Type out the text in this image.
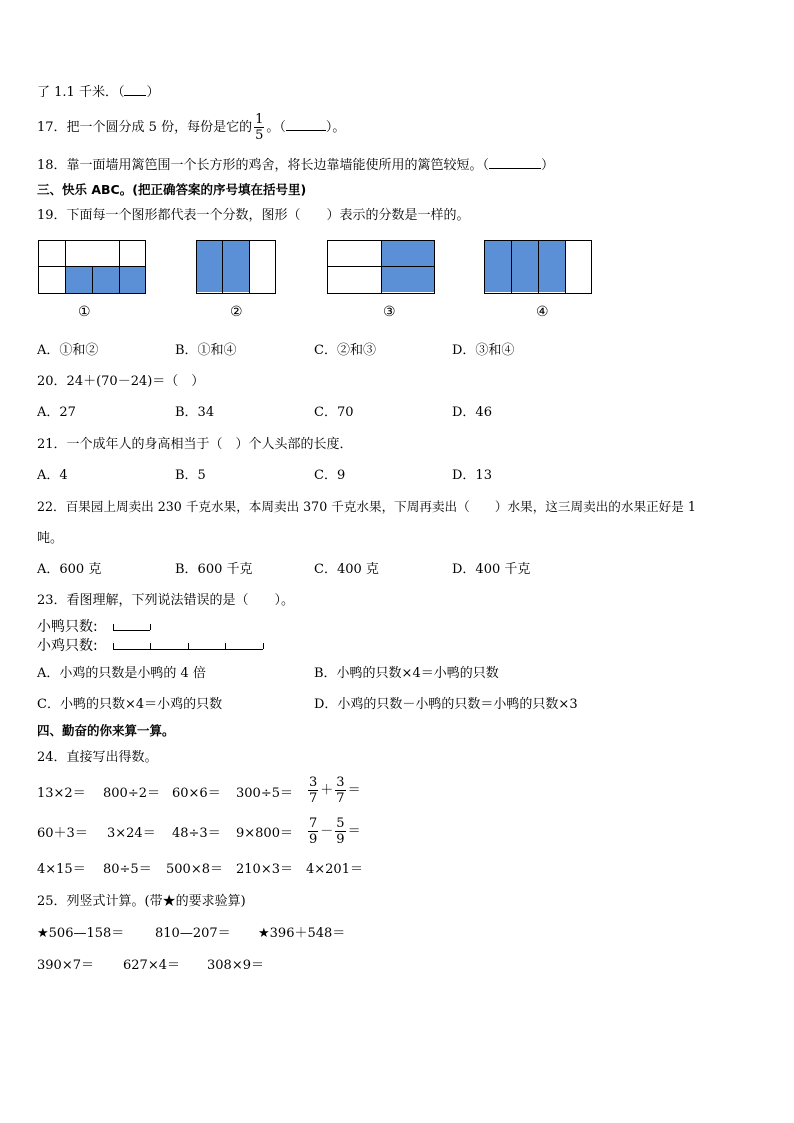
了 1.1 千米．（ ）
17．把一个圆分成 5 份，每份是它的 $\frac{1}{5}$ 。（	）。
18．靠一面墙用篱笆围一个长方形的鸡舍，将长边靠墙能使所用的篱笆较短。（	）
三、快乐 ABC。(把正确答案的序号填在括号里)
19．下面每一个图形都代表一个分数，图形（　　）表示的分数是一样的。
①	②	③	④
A．①和②	B．①和④	C．②和③	D．③和④
20．24＋(70－24)＝（　）
A．27	B．34	C．70	D．46
21．一个成年人的身高相当于（　）个人头部的长度．
A．4	B．5	C．9	D．13
22．百果园上周卖出 230 千克水果，本周卖出 370 千克水果，下周再卖出（　　）水果，这三周卖出的水果正好是 1
吨。
A．600 克	B．600 千克	C．400 克	D．400 千克
23．看图理解，下列说法错误的是（　　）。
小鸭只数:
小鸡只数:
A．小鸡的只数是小鸭的 4 倍	B．小鸭的只数×4＝小鸭的只数
C．小鸭的只数×4＝小鸡的只数	D．小鸡的只数－小鸭的只数＝小鸭的只数×3
四、勤奋的你来算一算。
24．直接写出得数。
$13\times 2= 800\div 2= 60\times 6= 300\div 5= \frac{3}{7} + \frac{3}{7}$ ＝
$60+3= 3\times 24= 48\div 3= 9\times 800= \frac{7}{9} - \frac{5}{9}$ ＝
4×15＝ 80÷5＝ 500×8＝ 210×3＝ 4×201＝
25．列竖式计算。(带★的要求验算)
★506—158＝ 810—207＝ ★396＋548＝
390×7＝ 627×4＝ 308×9＝
